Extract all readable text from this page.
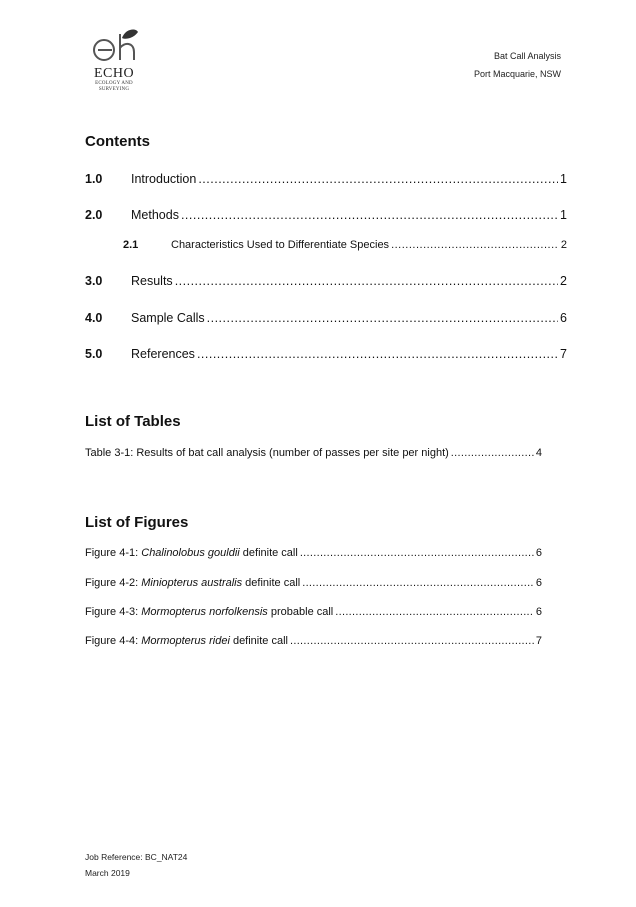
ECHO
ECOLOGY AND
SURVEYING
Bat Call Analysis
Port Macquarie, NSW
Contents
1.0	Introduction .....	1
2.0	Methods .....	1
2.1	Characteristics Used to Differentiate Species .....	2
3.0	Results .....	2
4.0	Sample Calls .....	6
5.0	References .....	7
List of Tables
Table 3-1: Results of bat call analysis (number of passes per site per night) .....	4
List of Figures
Figure 4-1: Chalinolobus gouldii definite call .....	6
Figure 4-2: Miniopterus australis definite call .....	6
Figure 4-3: Mormopterus norfolkensis probable call .....	6
Figure 4-4: Mormopterus ridei definite call .....	7
Job Reference: BC_NAT24
March 2019
